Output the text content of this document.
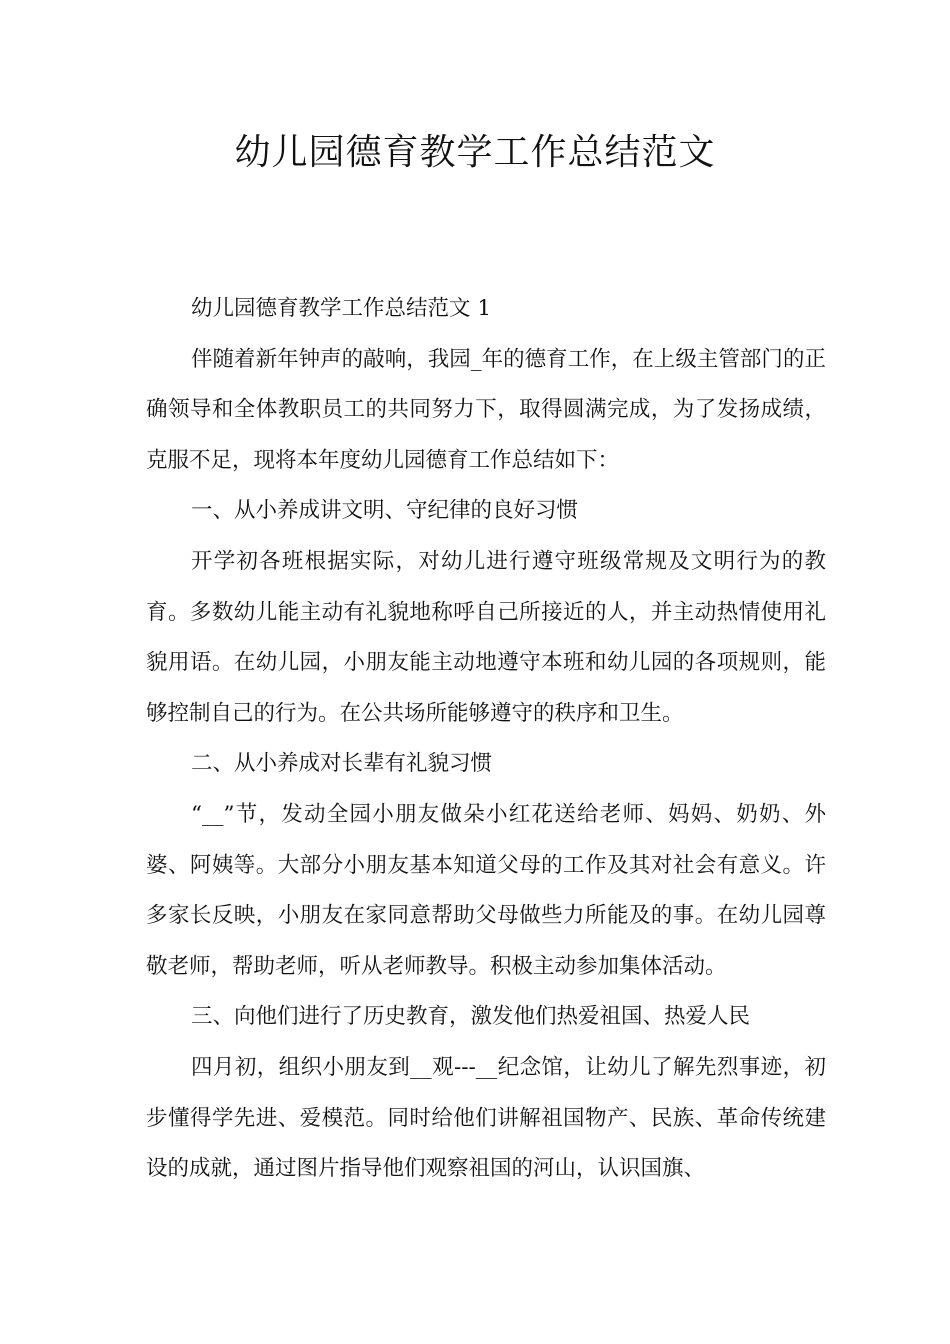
幼儿园德育教学工作总结范文

幼儿园德育教学工作总结范文 1

伴随着新年钟声的敲响，我园_年的德育工作，在上级主管部门的正确领导和全体教职员工的共同努力下，取得圆满完成，为了发扬成绩，克服不足，现将本年度幼儿园德育工作总结如下：

一、从小养成讲文明、守纪律的良好习惯

开学初各班根据实际，对幼儿进行遵守班级常规及文明行为的教育。多数幼儿能主动有礼貌地称呼自己所接近的人，并主动热情使用礼貌用语。在幼儿园，小朋友能主动地遵守本班和幼儿园的各项规则，能够控制自己的行为。在公共场所能够遵守的秩序和卫生。

二、从小养成对长辈有礼貌习惯

“__”节，发动全园小朋友做朵小红花送给老师、妈妈、奶奶、外婆、阿姨等。大部分小朋友基本知道父母的工作及其对社会有意义。许多家长反映，小朋友在家同意帮助父母做些力所能及的事。在幼儿园尊敬老师，帮助老师，听从老师教导。积极主动参加集体活动。

三、向他们进行了历史教育，激发他们热爱祖国、热爱人民

四月初，组织小朋友到__观---__纪念馆，让幼儿了解先烈事迹，初步懂得学先进、爱模范。同时给他们讲解祖国物产、民族、革命传统建设的成就，通过图片指导他们观察祖国的河山，认识国旗、
